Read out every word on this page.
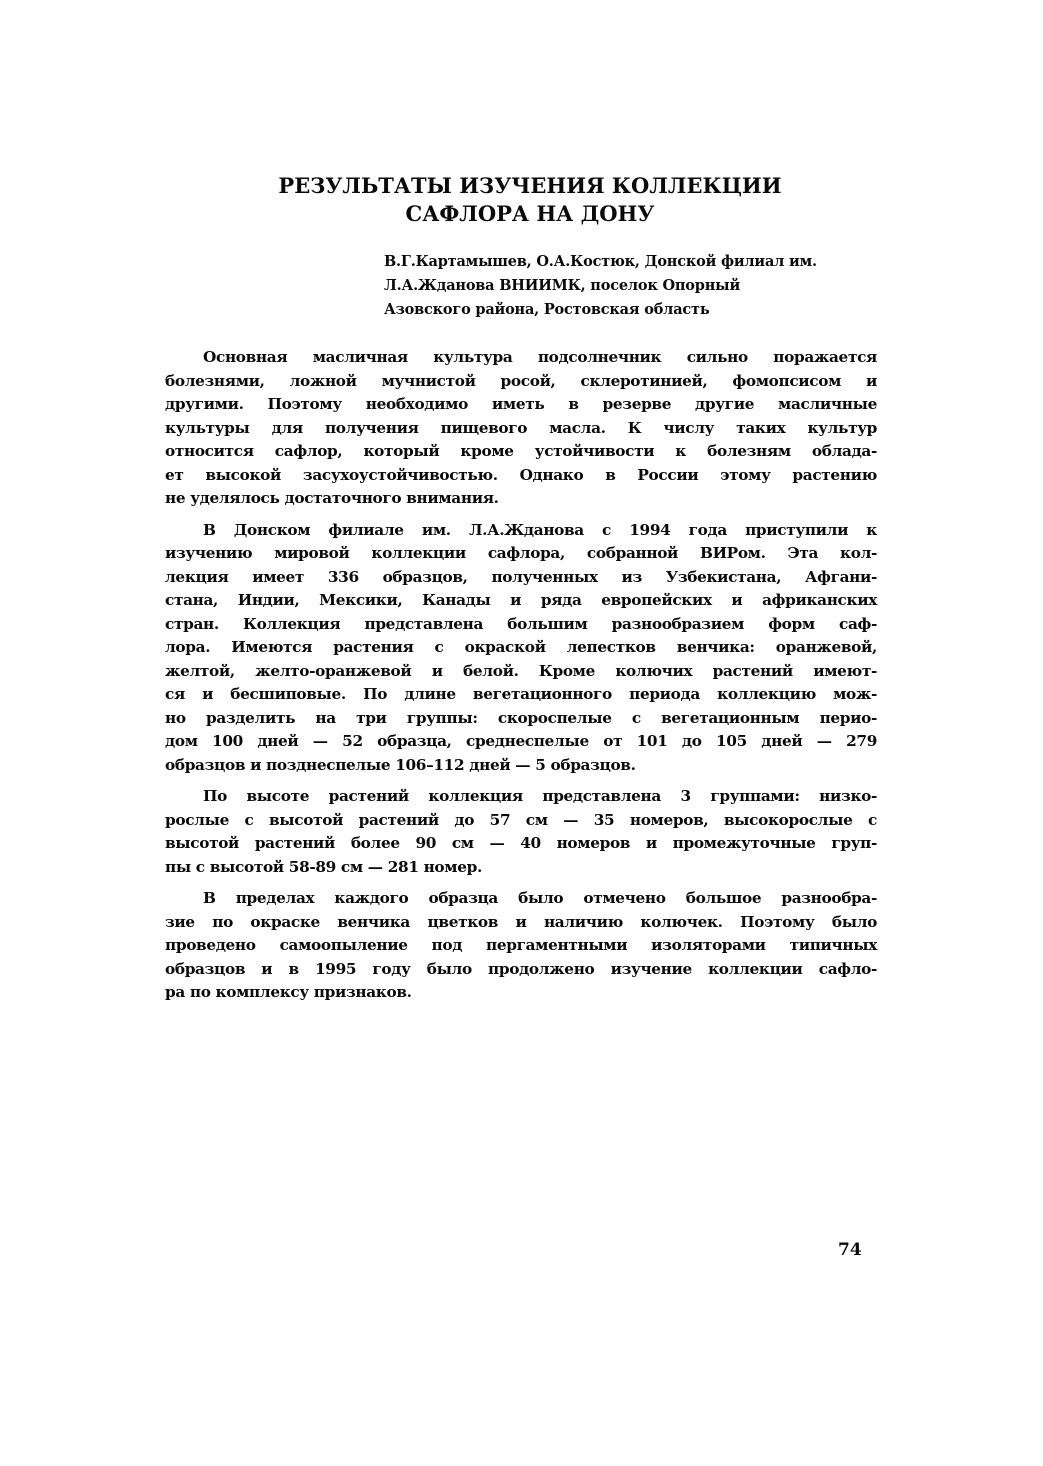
РЕЗУЛЬТАТЫ ИЗУЧЕНИЯ КОЛЛЕКЦИИ
САФЛОРА НА ДОНУ
В.Г.Картамышев, О.А.Костюк, Донской филиал им.
Л.А.Жданова ВНИИМК, поселок Опорный
Азовского района, Ростовская область

Основная масличная культура подсолнечник сильно поражается
болезнями, ложной мучнистой росой, склеротинией, фомопсисом и
другими. Поэтому необходимо иметь в резерве другие масличные
культуры для получения пищевого масла. К числу таких культур
относится сафлор, который кроме устойчивости к болезням облада-
ет высокой засухоустойчивостью. Однако в России этому растению
не уделялось достаточного внимания.

В Донском филиале им. Л.А.Жданова с 1994 года приступили к
изучению мировой коллекции сафлора, собранной ВИРом. Эта кол-
лекция имеет 336 образцов, полученных из Узбекистана, Афгани-
стана, Индии, Мексики, Канады и ряда европейских и африканских
стран. Коллекция представлена большим разнообразием форм саф-
лора. Имеются растения с окраской лепестков венчика: оранжевой,
желтой, желто-оранжевой и белой. Кроме колючих растений имеют-
ся и бесшиповые. По длине вегетационного периода коллекцию мож-
но разделить на три группы: скороспелые с вегетационным перио-
дом 100 дней — 52 образца, среднеспелые от 101 до 105 дней — 279
образцов и позднеспелые 106–112 дней — 5 образцов.

По высоте растений коллекция представлена 3 группами: низко-
рослые с высотой растений до 57 см — 35 номеров, высокорослые с
высотой растений более 90 см — 40 номеров и промежуточные груп-
пы с высотой 58-89 см — 281 номер.

В пределах каждого образца было отмечено большое разнообра-
зие по окраске венчика цветков и наличию колючек. Поэтому было
проведено самоопыление под пергаментными изоляторами типичных
образцов и в 1995 году было продолжено изучение коллекции сафло-
ра по комплексу признаков.

74
